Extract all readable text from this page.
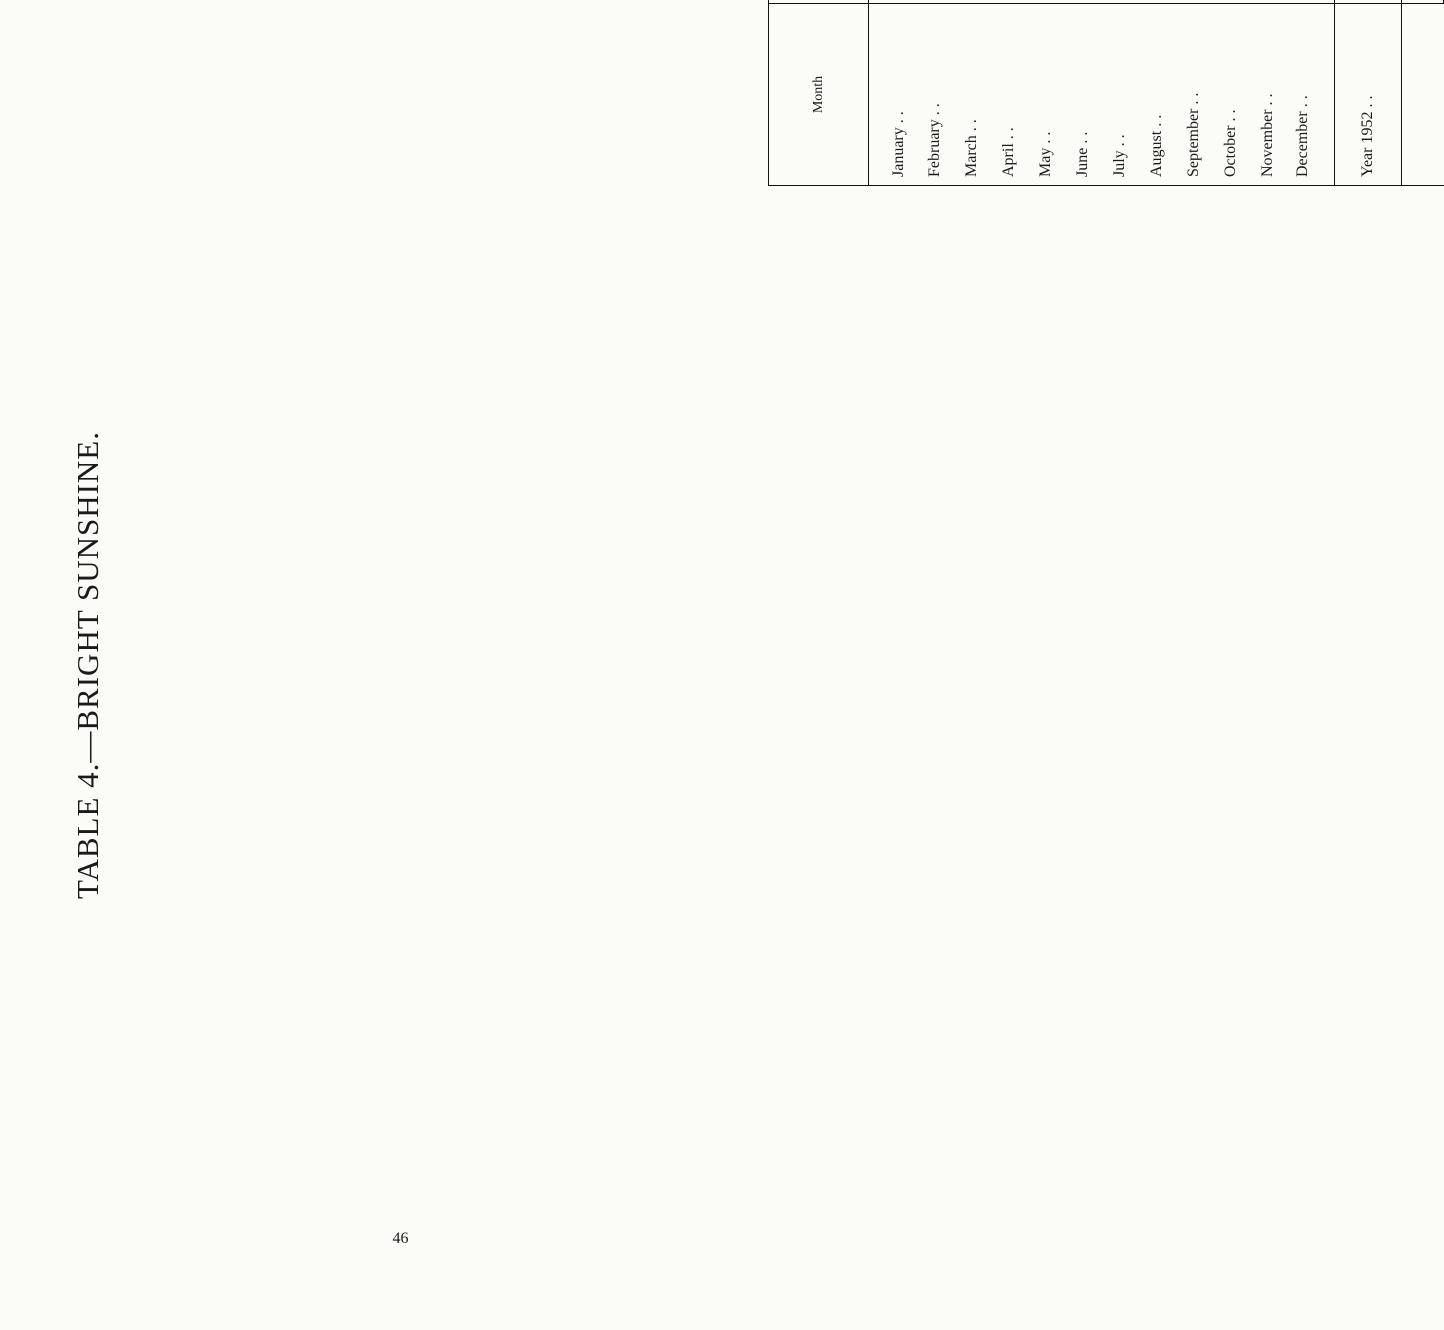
TABLE 4.—BRIGHT SUNSHINE.
Month							

January . .										
February . .										
March . .										
April . .										
May . .										
June . .										
July . .										
August . .										
September . .										
October . .										
November . .										
December . .										
Year 1952 . .										

46
